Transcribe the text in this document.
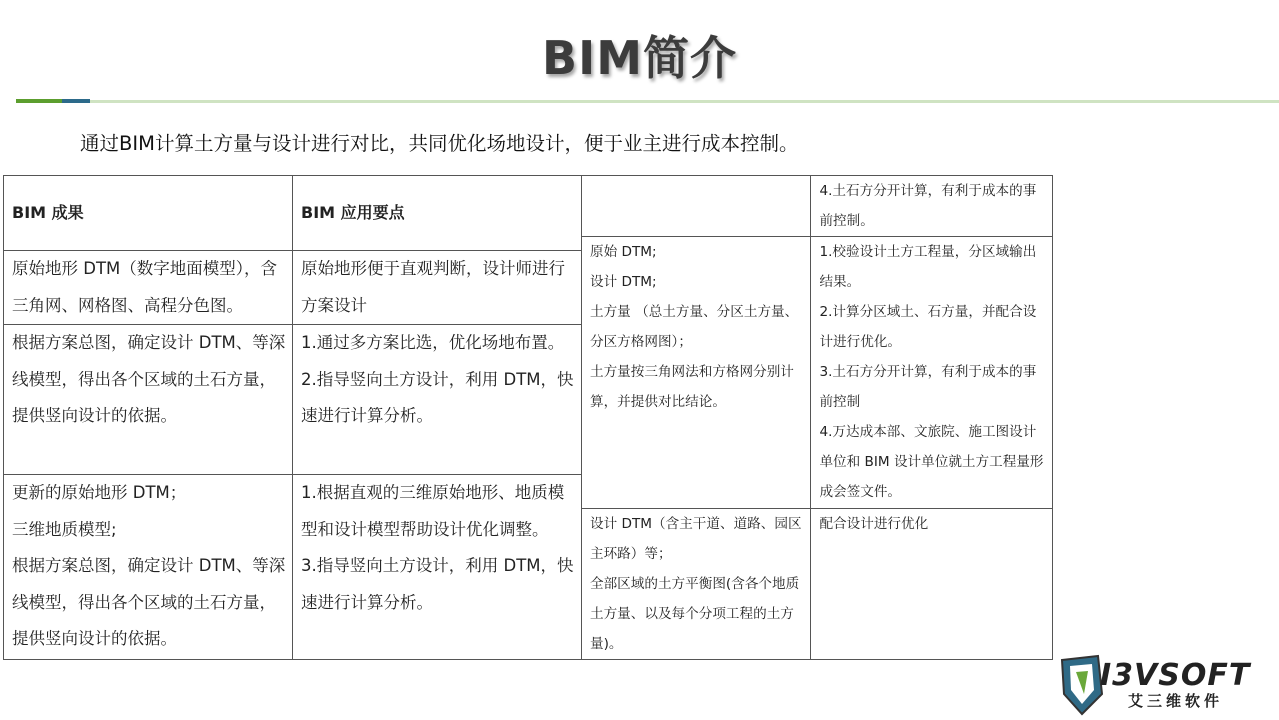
BIM简介
通过BIM计算土方量与设计进行对比，共同优化场地设计，便于业主进行成本控制。
BIM 成果	BIM 应用要点

原始地形 DTM（数字地面模型），含三角网、网格图、高程分色图。	原始地形便于直观判断，设计师进行方案设计

根据方案总图，确定设计 DTM、等深线模型，得出各个区域的土石方量，提供竖向设计的依据。	1.通过多方案比选，优化场地布置。
2.指导竖向土方设计，利用 DTM，快速进行计算分析。

更新的原始地形 DTM；
三维地质模型;
根据方案总图，确定设计 DTM、等深线模型，得出各个区域的土石方量，提供竖向设计的依据。	1.根据直观的三维原始地形、地质模型和设计模型帮助设计优化调整。
3.指导竖向土方设计，利用 DTM，快速进行计算分析。

	4.土石方分开计算，有利于成本的事前控制。

原始 DTM;
设计 DTM;
土方量 （总土方量、分区土方量、分区方格网图）；
土方量按三角网法和方格网分别计算，并提供对比结论。	1.校验设计土方工程量，分区域输出结果。
2.计算分区域土、石方量，并配合设计进行优化。
3.土石方分开计算，有利于成本的事前控制
4.万达成本部、文旅院、施工图设计单位和 BIM 设计单位就土方工程量形成会签文件。

设计 DTM（含主干道、道路、园区主环路）等；
全部区域的土方平衡图(含各个地质土方量、以及每个分项工程的土方量)。	配合设计进行优化
I3VSOFT
艾三维软件
